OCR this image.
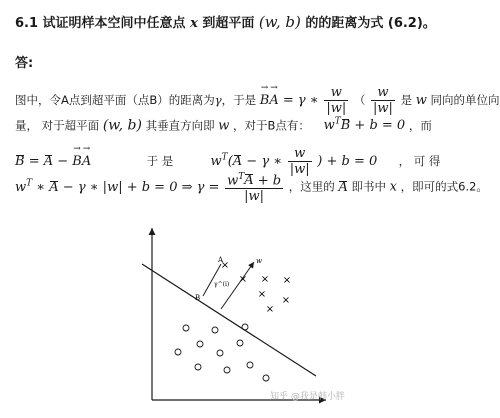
6.1 试证明样本空间中任意点 x 到超平面 (w, b) 的的距离为式 (6.2)。
答:
图中，令A点到超平面（点B）的距离为γ，于是 → B→ A = γ ∗ $\frac{w}{|w|}$ （ $\frac{w}{|w|}$ 是 w 同向的单位向
量， 对于超平面 (w, b) 其垂直方向即 w ，对于B点有： $w^TB + b = 0$ ，而
B = A − → B→ A	于 是	$w^T(A - \gamma$ ∗ $\frac{w}{|w|}$ ) + b = 0 ， 可 得
$w^T$ ∗ A − γ ∗ |w| + b = 0 ⇒ $\gamma = \frac{w^TA + b}{|w|}$ ，这里的 A 即书中 x ，即可的式6.2。
×
× × ×
×
×
×
A
B
γ^(i)
w
知乎 @我是韩小胖
